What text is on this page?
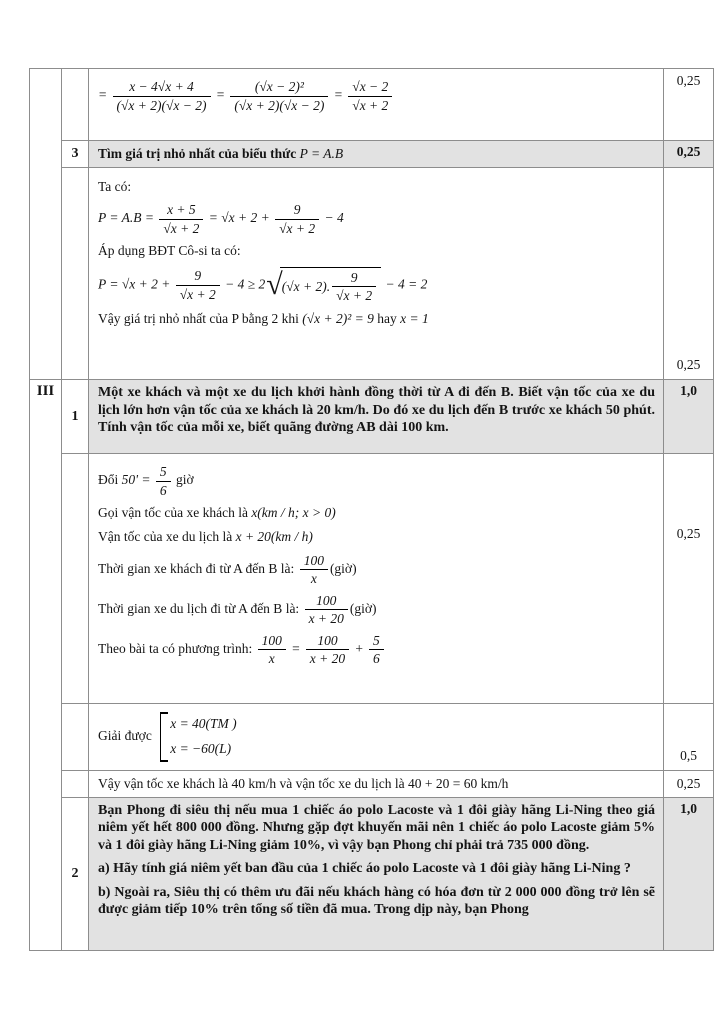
= $\frac{x - 4√x + 4}{(√x + 2)(√x - 2)} = \frac{\text{(√x − 2)²}}{(√x + 2)(√x - 2)} = \frac{√x - 2}{√x + 2}$	0,25
	3	Tìm giá trị nhỏ nhất của biểu thức P = A.B	0,25

Ta có:
$P = A.B = \frac{x + 5}{√x + 2} = √x + 2 + \frac{9}{√x + 2} - 4$
Áp dụng BĐT Cô-si ta có:
$P = √x + 2 + \frac{9}{√x + 2} - 4 \ge 2$ √ (√x + 2). $\frac{9}{√x + 2} - 4 = 2$
Vậy giá trị nhỏ nhất của P bằng 2 khi (√x + 2)² = 9 hay x = 1
	0,25
III	1	Một xe khách và một xe du lịch khởi hành đồng thời từ A đi đến B. Biết vận tốc của xe du lịch lớn hơn vận tốc của xe khách là 20 km/h. Do đó xe du lịch đến B trước xe khách 50 phút. Tính vận tốc của mỗi xe, biết quãng đường AB dài 100 km.	1,0

Đổi $50' = \frac{5}{6}$ giờ
Gọi vận tốc của xe khách là x(km / h; x > 0)
Vận tốc của xe du lịch là x + 20(km / h)
Thời gian xe khách đi từ A đến B là: $\frac{100}{x}$ (giờ)
Thời gian xe du lịch đi từ A đến B là: $\frac{100}{x + 20}$ (giờ)
Theo bài ta có phương trình: $\frac{100}{x} = \frac{100}{x + 20} + \frac{5}{6}$
	0,25

		Giải được
x = 40(TM )
x = −60(L)	0,5

		Vậy vận tốc xe khách là 40 km/h và vận tốc xe du lịch là 40 + 20 = 60 km/h	0,25
	2	Bạn Phong đi siêu thị nếu mua 1 chiếc áo polo Lacoste và 1 đôi giày hãng Li-Ning theo giá niêm yết hết 800 000 đồng. Nhưng gặp đợt khuyến mãi nên 1 chiếc áo polo Lacoste giảm 5% và 1 đôi giày hãng Li-Ning giảm 10%, vì vậy bạn Phong chỉ phải trả 735 000 đồng.

a) Hãy tính giá niêm yết ban đầu của 1 chiếc áo polo Lacoste và 1 đôi giày hãng Li-Ning ?

b) Ngoài ra, Siêu thị có thêm ưu đãi nếu khách hàng có hóa đơn từ 2 000 000 đồng trở lên sẽ được giảm tiếp 10% trên tổng số tiền đã mua. Trong dịp này, bạn Phong	1,0
